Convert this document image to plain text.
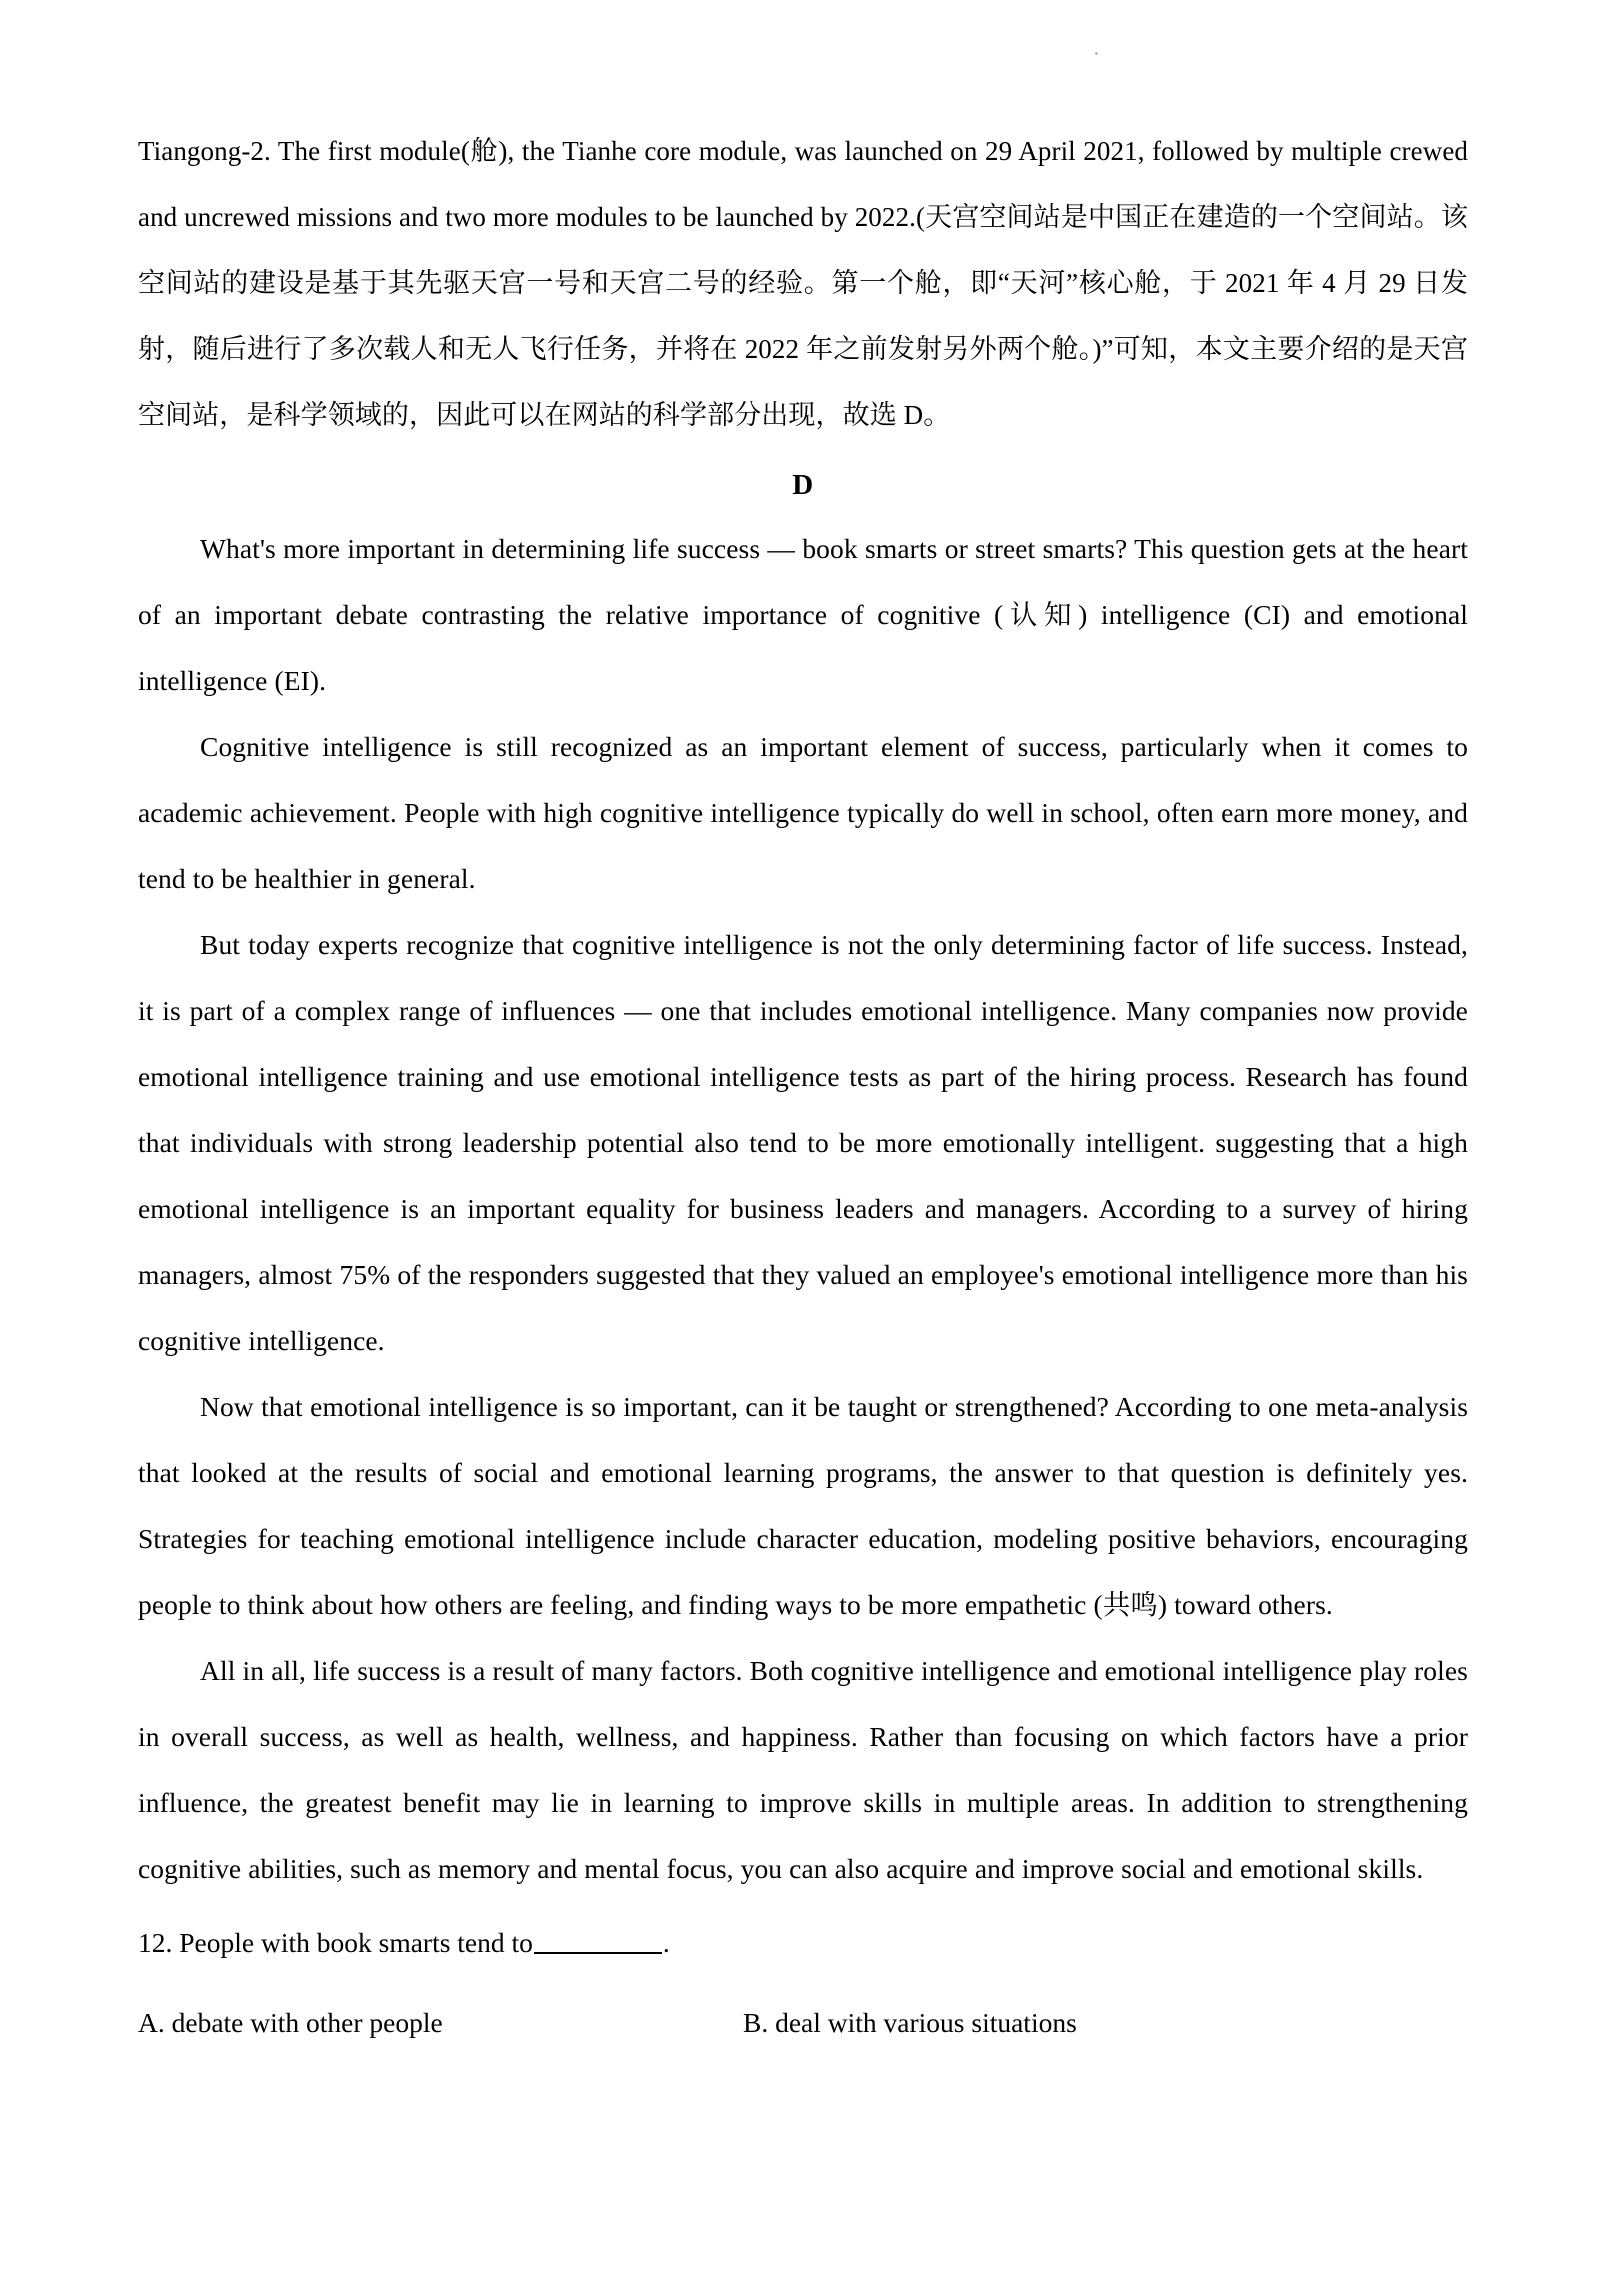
Tiangong-2. The first module(舱), the Tianhe core module, was launched on 29 April 2021, followed by multiple crewed and uncrewed missions and two more modules to be launched by 2022.(天宫空间站是中国正在建造的一个空间站。该空间站的建设是基于其先驱天宫一号和天宫二号的经验。第一个舱，即“天河”核心舱，于 2021 年 4 月 29 日发射，随后进行了多次载人和无人飞行任务，并将在 2022 年之前发射另外两个舱。)”可知，本文主要介绍的是天宫空间站，是科学领域的，因此可以在网站的科学部分出现，故选 D。

D

What's more important in determining life success — book smarts or street smarts? This question gets at the heart of an important debate contrasting the relative importance of cognitive (认知) intelligence (CI) and emotional intelligence (EI).

Cognitive intelligence is still recognized as an important element of success, particularly when it comes to academic achievement. People with high cognitive intelligence typically do well in school, often earn more money, and tend to be healthier in general.

But today experts recognize that cognitive intelligence is not the only determining factor of life success. Instead, it is part of a complex range of influences — one that includes emotional intelligence. Many companies now provide emotional intelligence training and use emotional intelligence tests as part of the hiring process. Research has found that individuals with strong leadership potential also tend to be more emotionally intelligent. suggesting that a high emotional intelligence is an important equality for business leaders and managers. According to a survey of hiring managers, almost 75% of the responders suggested that they valued an employee's emotional intelligence more than his cognitive intelligence.

Now that emotional intelligence is so important, can it be taught or strengthened? According to one meta-analysis that looked at the results of social and emotional learning programs, the answer to that question is definitely yes. Strategies for teaching emotional intelligence include character education, modeling positive behaviors, encouraging people to think about how others are feeling, and finding ways to be more empathetic (共鸣) toward others.

All in all, life success is a result of many factors. Both cognitive intelligence and emotional intelligence play roles in overall success, as well as health, wellness, and happiness. Rather than focusing on which factors have a prior influence, the greatest benefit may lie in learning to improve skills in multiple areas. In addition to strengthening cognitive abilities, such as memory and mental focus, you can also acquire and improve social and emotional skills.

12. People with book smarts tend to	.

A. debate with other people	B. deal with various situations
